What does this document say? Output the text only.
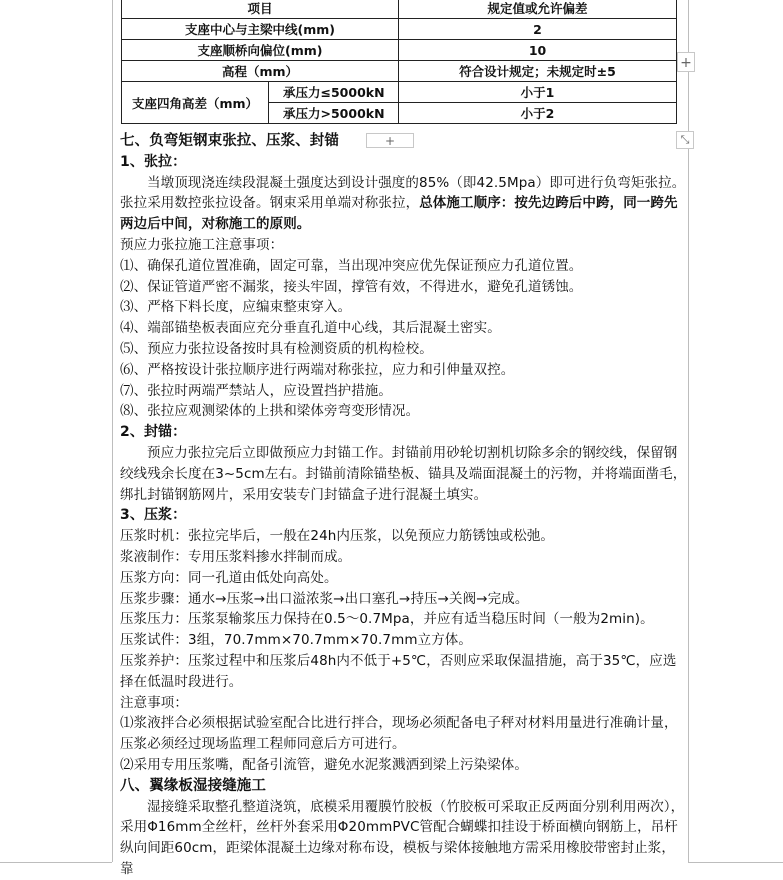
项目		规定值或允许偏差
支座中心与主梁中线(mm)		2
支座顺桥向偏位(mm)		10
高程（mm）		符合设计规定；未规定时±5
支座四角高差（mm）	承压力≤5000kN	小于1
	承压力>5000kN	小于2
+
+	⤡

七、负弯矩钢束张拉、压浆、封锚

1、张拉：

当墩顶现浇连续段混凝土强度达到设计强度的85%（即42.5Mpa）即可进行负弯矩张拉。张拉采用数控张拉设备。钢束采用单端对称张拉，总体施工顺序：按先边跨后中跨，同一跨先两边后中间，对称施工的原则。

预应力张拉施工注意事项：

⑴、确保孔道位置准确，固定可靠，当出现冲突应优先保证预应力孔道位置。

⑵、保证管道严密不漏浆，接头牢固，撑管有效，不得进水，避免孔道锈蚀。

⑶、严格下料长度，应编束整束穿入。

⑷、端部锚垫板表面应充分垂直孔道中心线，其后混凝土密实。

⑸、预应力张拉设备按时具有检测资质的机构检校。

⑹、严格按设计张拉顺序进行两端对称张拉，应力和引伸量双控。

⑺、张拉时两端严禁站人，应设置挡护措施。

⑻、张拉应观测梁体的上拱和梁体旁弯变形情况。

2、封锚：

预应力张拉完后立即做预应力封锚工作。封锚前用砂轮切割机切除多余的钢绞线，保留钢绞线残余长度在3~5cm左右。封锚前清除锚垫板、锚具及端面混凝土的污物，并将端面凿毛，绑扎封锚钢筋网片，采用安装专门封锚盒子进行混凝土填实。

3、压浆：

压浆时机：张拉完毕后，一般在24h内压浆，以免预应力筋锈蚀或松弛。

浆液制作：专用压浆料掺水拌制而成。

压浆方向：同一孔道由低处向高处。

压浆步骤：通水→压浆→出口溢浓浆→出口塞孔→持压→关阀→完成。

压浆压力：压浆泵输浆压力保持在0.5～0.7Mpa，并应有适当稳压时间（一般为2min)。

压浆试件：3组，70.7mm×70.7mm×70.7mm立方体。

压浆养护：压浆过程中和压浆后48h内不低于+5℃，否则应采取保温措施，高于35℃，应选择在低温时段进行。

注意事项：

⑴浆液拌合必须根据试验室配合比进行拌合，现场必须配备电子秤对材料用量进行准确计量，压浆必须经过现场监理工程师同意后方可进行。

⑵采用专用压浆嘴，配备引流管，避免水泥浆溅洒到梁上污染梁体。

八、翼缘板湿接缝施工

湿接缝采取整孔整道浇筑，底模采用覆膜竹胶板（竹胶板可采取正反两面分别利用两次），采用Φ16mm全丝杆，丝杆外套采用Φ20mmPVC管配合蝴蝶扣挂设于桥面横向钢筋上，吊杆纵向间距60cm，距梁体混凝土边缘对称布设，模板与梁体接触地方需采用橡胶带密封止浆，靠
